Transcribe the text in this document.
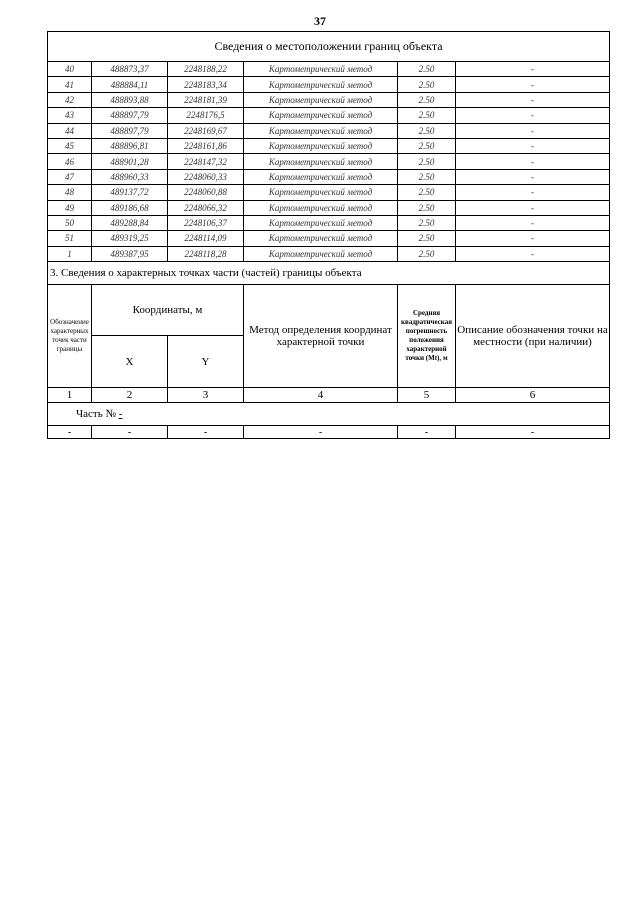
37
Сведения о местоположении границ объекта					
40	488873,37	2248188,22	Картометрический метод	2.50	-
41	488884,11	2248183,34	Картометрический метод	2.50	-
42	488893,88	2248181,39	Картометрический метод	2.50	-
43	488897,79	2248176,5	Картометрический метод	2.50	-
44	488897,79	2248169,67	Картометрический метод	2.50	-
45	488896,81	2248161,86	Картометрический метод	2.50	-
46	488901,28	2248147,32	Картометрический метод	2.50	-
47	488960,33	2248060,33	Картометрический метод	2.50	-
48	489137,72	2248060,88	Картометрический метод	2.50	-
49	489186,68	2248066,32	Картометрический метод	2.50	-
50	489288,84	2248106,37	Картометрический метод	2.50	-
51	489319,25	2248114,09	Картометрический метод	2.50	-
1	489387,95	2248118,28	Картометрический метод	2.50	-
3. Сведения о характерных точках части (частей) границы объекта					
Обозначение характерных точек части границы	Координаты, м		Метод определения координат характерной точки	Средняя квадратическая погрешность положения характерной точки (Мt), м	Описание обозначения точки на местности (при наличии)
	X	Y			
1	2	3	4	5	6
Часть № -					
-	-	-	-	-	-
